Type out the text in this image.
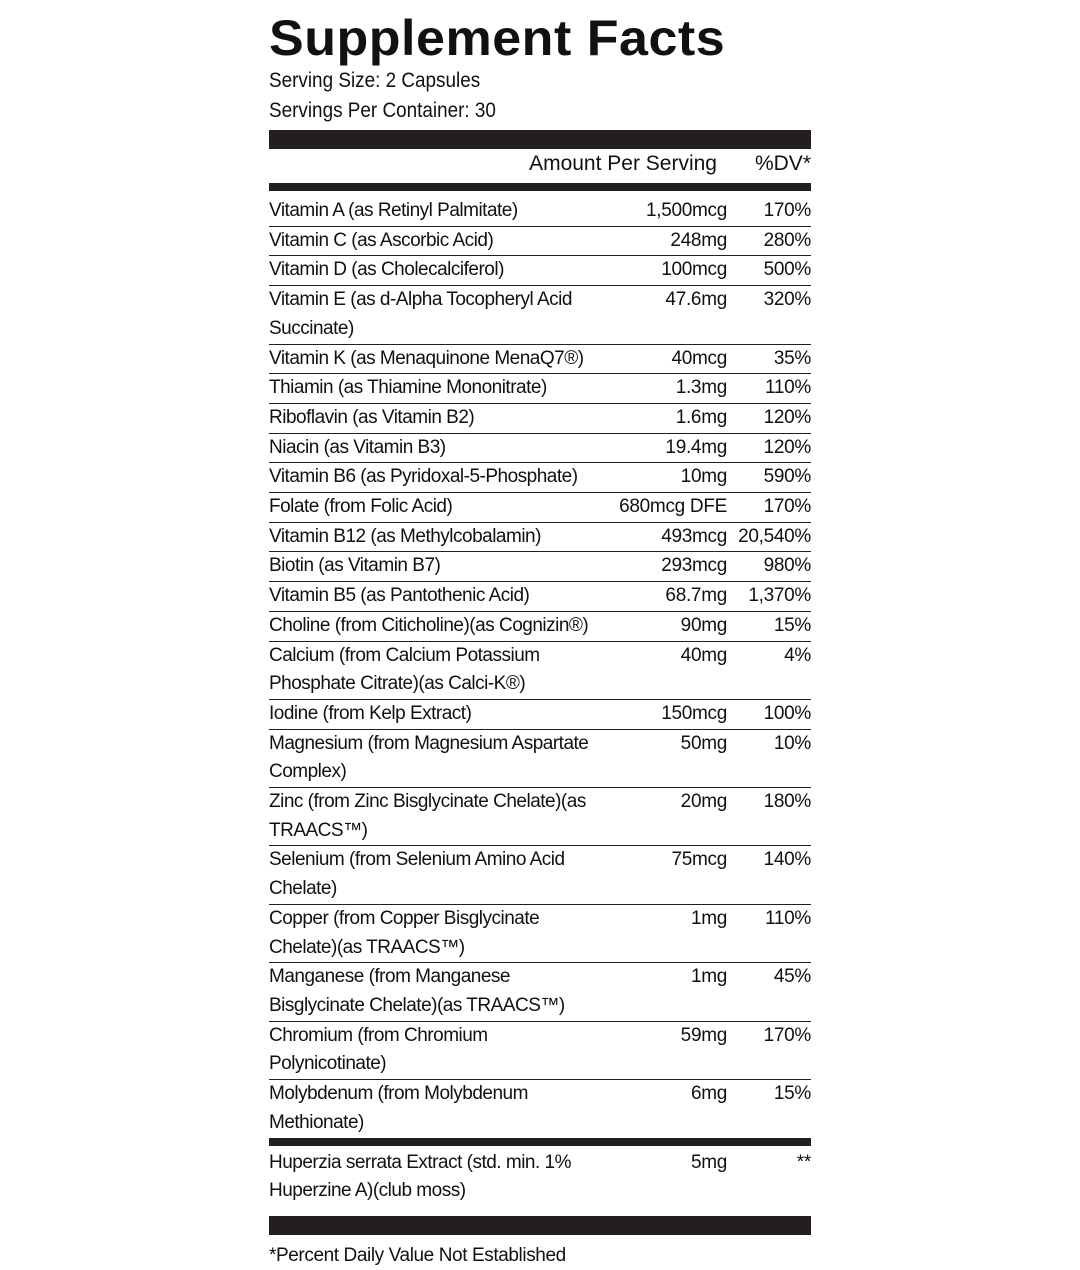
Supplement Facts
Serving Size: 2 Capsules
Servings Per Container: 30
Amount Per Serving	%DV*
Vitamin A (as Retinyl Palmitate)	1,500mcg	170%
Vitamin C (as Ascorbic Acid)	248mg	280%
Vitamin D (as Cholecalciferol)	100mcg	500%
Vitamin E (as d-Alpha Tocopheryl Acid Succinate)
47.6mg	320%
Vitamin K (as Menaquinone MenaQ7®)	40mcg	35%
Thiamin (as Thiamine Mononitrate)	1.3mg	110%
Riboflavin (as Vitamin B2)	1.6mg	120%
Niacin (as Vitamin B3)	19.4mg	120%
Vitamin B6 (as Pyridoxal-5-Phosphate)	10mg	590%
Folate (from Folic Acid)	680mcg DFE	170%
Vitamin B12 (as Methylcobalamin)	493mcg 20,540%
Biotin (as Vitamin B7)	293mcg	980%
Vitamin B5 (as Pantothenic Acid)	68.7mg	1,370%
Choline (from Citicholine)(as Cognizin®)	90mg	15%
Calcium (from Calcium Potassium Phosphate Citrate)(as Calci-K®)
40mg	4%
Iodine (from Kelp Extract)	150mcg	100%
Magnesium (from Magnesium Aspartate Complex)
50mg	10%
Zinc (from Zinc Bisglycinate Chelate)(as TRAACS™)
20mg	180%
Selenium (from Selenium Amino Acid Chelate)
75mcg	140%
Copper (from Copper Bisglycinate Chelate)(as TRAACS™)
1mg	110%
Manganese (from Manganese Bisglycinate Chelate)(as TRAACS™)
1mg	45%
Chromium (from Chromium Polynicotinate)
59mg	170%
Molybdenum (from Molybdenum Methionate)
6mg	15%
Huperzia serrata Extract (std. min. 1% Huperzine A)(club moss)
5mg	**
*Percent Daily Value Not Established
